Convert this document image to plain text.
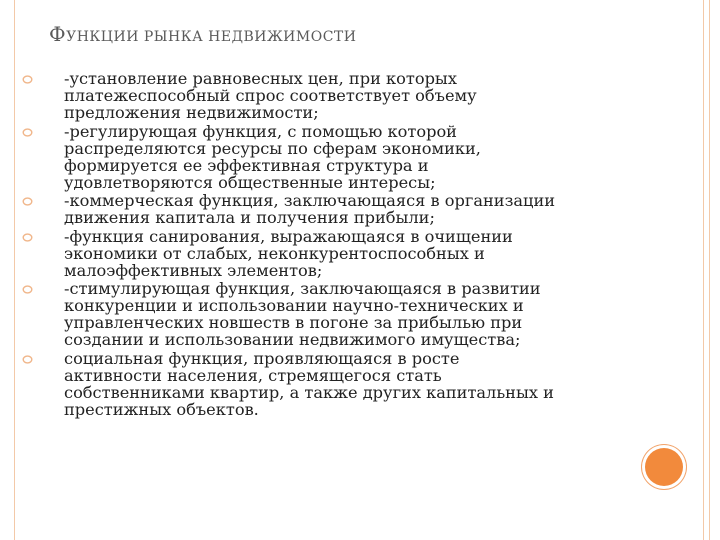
ФУНКЦИИ РЫНКА НЕДВИЖИМОСТИ
-установление равновесных цен, при которых
платежеспособный спрос соответствует объему
предложения недвижимости;
-регулирующая функция, с помощью которой
распределяются ресурсы по сферам экономики,
формируется ее эффективная структура и
удовлетворяются общественные интересы;
-коммерческая функция, заключающаяся в организации
движения капитала и получения прибыли;
-функция санирования, выражающаяся в очищении
экономики от слабых, неконкурентоспособных и
малоэффективных элементов;
-стимулирующая функция, заключающаяся в развитии
конкуренции и использовании научно-технических и
управленческих новшеств в погоне за прибылью при
создании и использовании недвижимого имущества;
социальная функция, проявляющаяся в росте
активности населения, стремящегося стать
собственниками квартир, а также других капитальных и
престижных объектов.
